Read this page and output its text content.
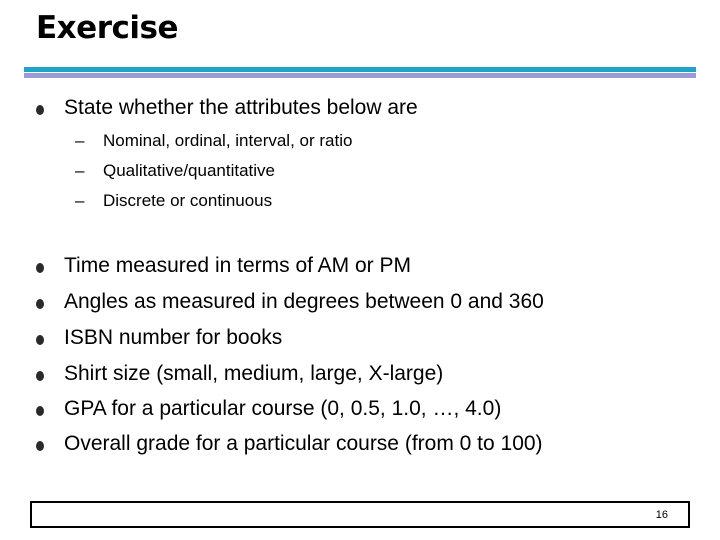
Exercise
State whether the attributes below are
– Nominal, ordinal, interval, or ratio
– Qualitative/quantitative
– Discrete or continuous
Time measured in terms of AM or PM
Angles as measured in degrees between 0 and 360
ISBN number for books
Shirt size (small, medium, large, X-large)
GPA for a particular course (0, 0.5, 1.0, …, 4.0)
Overall grade for a particular course (from 0 to 100)
16
